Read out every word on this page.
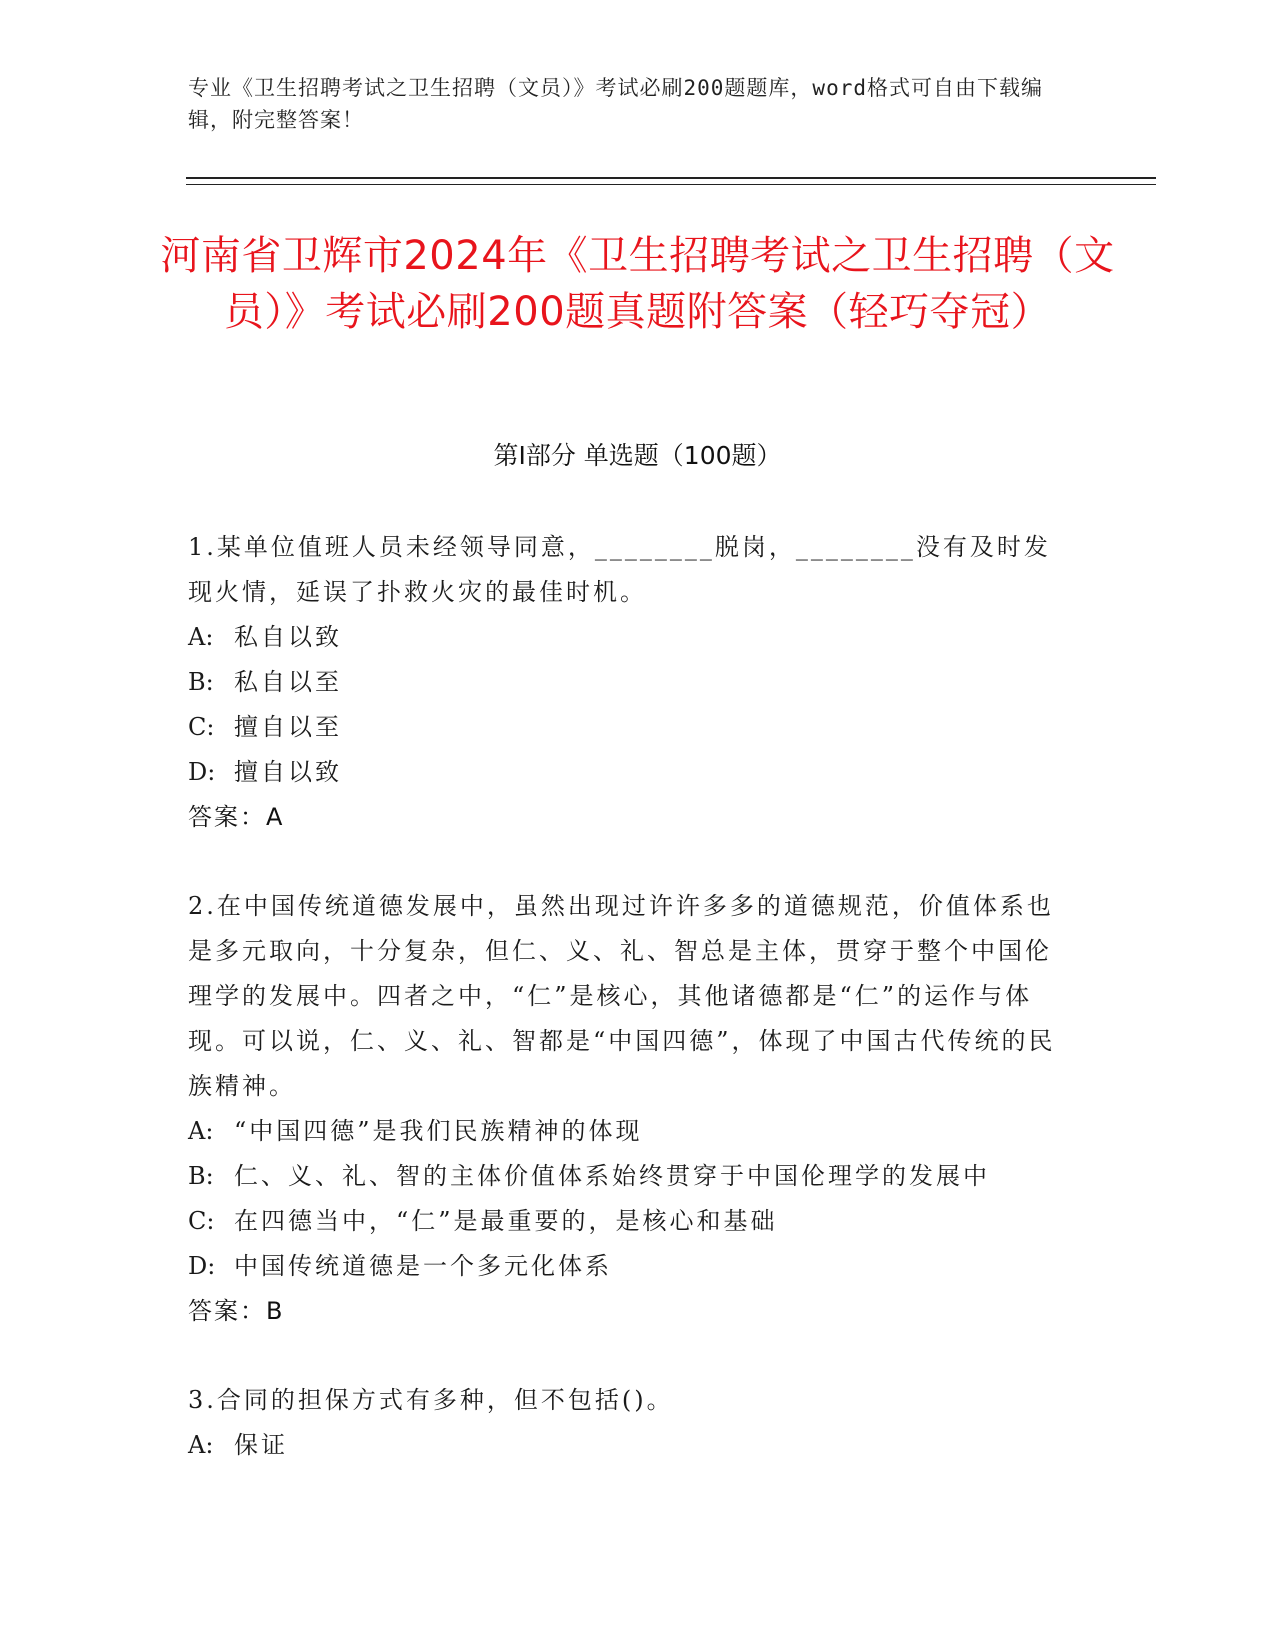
专业《卫生招聘考试之卫生招聘（文员）》考试必刷200题题库，word格式可自由下载编辑，附完整答案！
河南省卫辉市2024年《卫生招聘考试之卫生招聘（文员）》考试必刷200题真题附答案（轻巧夺冠）
第I部分 单选题（100题）

1.某单位值班人员未经领导同意，________脱岗，________没有及时发现火情，延误了扑救火灾的最佳时机。

A: 私自以致

B: 私自以至

C: 擅自以至

D: 擅自以致

答案：A

2.在中国传统道德发展中，虽然出现过许许多多的道德规范，价值体系也是多元取向，十分复杂，但仁、义、礼、智总是主体，贯穿于整个中国伦理学的发展中。四者之中，“仁”是核心，其他诸德都是“仁”的运作与体现。可以说，仁、义、礼、智都是“中国四德”，体现了中国古代传统的民族精神。

A: “中国四德”是我们民族精神的体现

B: 仁、义、礼、智的主体价值体系始终贯穿于中国伦理学的发展中

C: 在四德当中，“仁”是最重要的，是核心和基础

D: 中国传统道德是一个多元化体系

答案：B

3.合同的担保方式有多种，但不包括()。

A: 保证
